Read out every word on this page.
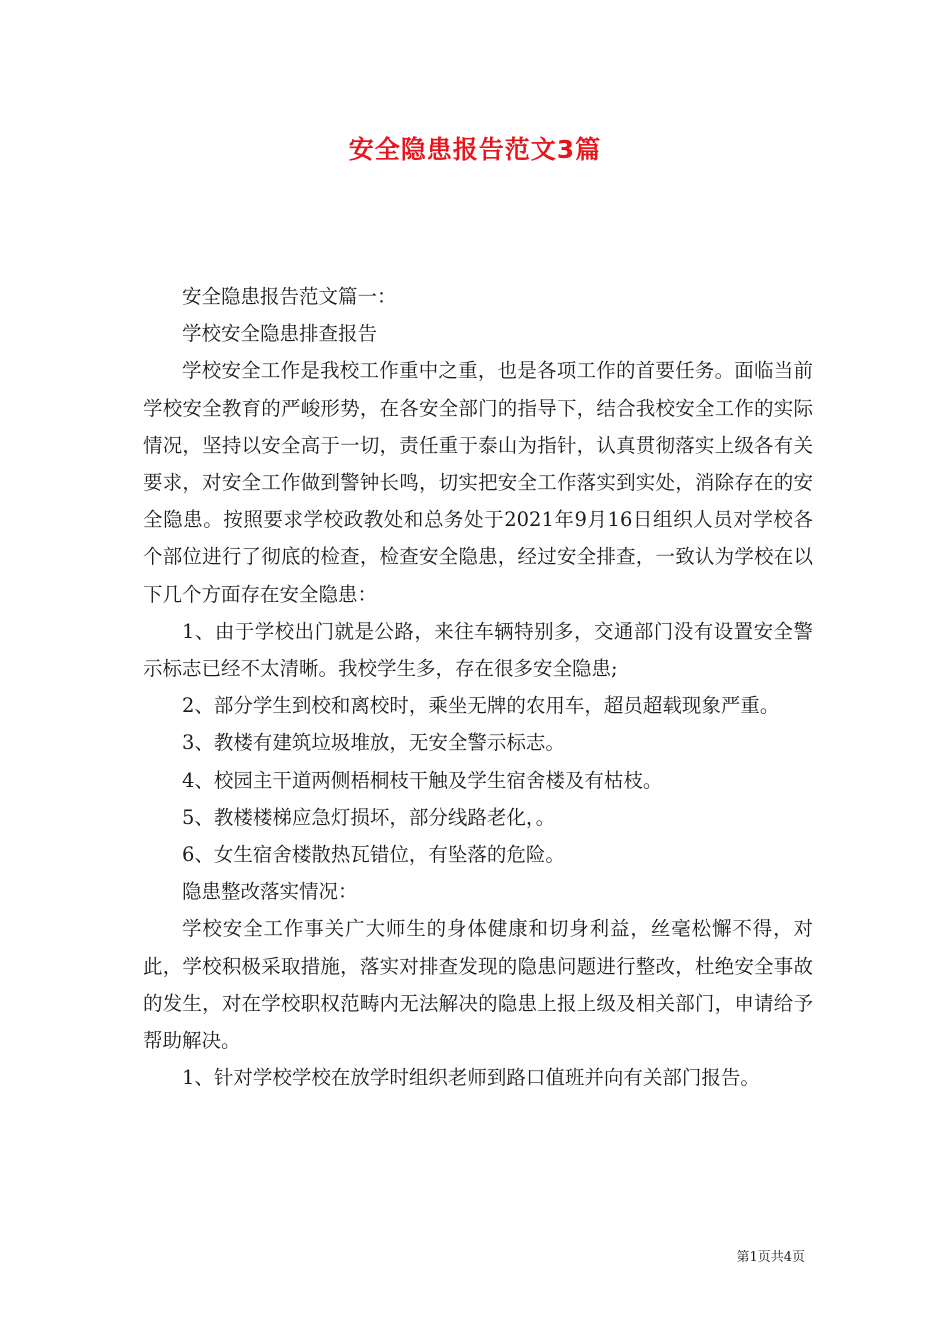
安全隐患报告范文3篇

安全隐患报告范文篇一：

学校安全隐患排查报告

学校安全工作是我校工作重中之重，也是各项工作的首要任务。面临当前学校安全教育的严峻形势，在各安全部门的指导下，结合我校安全工作的实际情况，坚持以安全高于一切，责任重于泰山为指针，认真贯彻落实上级各有关要求，对安全工作做到警钟长鸣，切实把安全工作落实到实处，消除存在的安全隐患。按照要求学校政教处和总务处于2021年9月16日组织人员对学校各个部位进行了彻底的检查，检查安全隐患，经过安全排查，一致认为学校在以下几个方面存在安全隐患：

1、由于学校出门就是公路，来往车辆特别多，交通部门没有设置安全警示标志已经不太清晰。我校学生多，存在很多安全隐患;

2、部分学生到校和离校时，乘坐无牌的农用车，超员超载现象严重。

3、教楼有建筑垃圾堆放，无安全警示标志。

4、校园主干道两侧梧桐枝干触及学生宿舍楼及有枯枝。

5、教楼楼梯应急灯损坏，部分线路老化，。

6、女生宿舍楼散热瓦错位，有坠落的危险。

隐患整改落实情况：

学校安全工作事关广大师生的身体健康和切身利益，丝毫松懈不得，对此，学校积极采取措施，落实对排查发现的隐患问题进行整改，杜绝安全事故的发生，对在学校职权范畴内无法解决的隐患上报上级及相关部门，申请给予帮助解决。

1、针对学校学校在放学时组织老师到路口值班并向有关部门报告。

第1页共4页
